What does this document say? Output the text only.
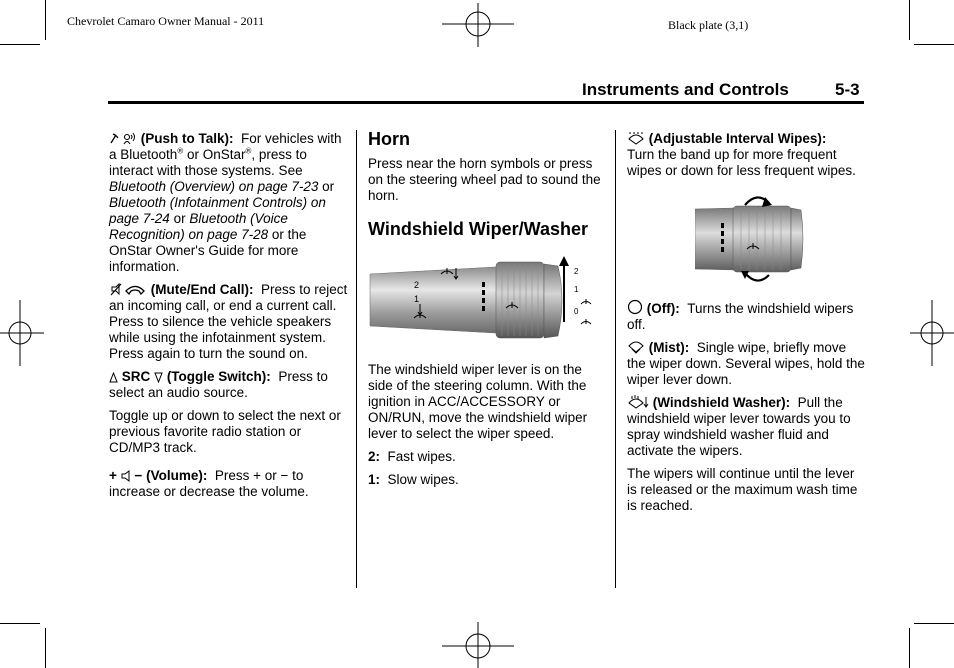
Chevrolet Camaro Owner Manual - 2011	Black plate (3,1)
Instruments and Controls	5-3

(Push to Talk): For vehicles with a Bluetooth® or OnStar®, press to interact with those systems. See Bluetooth (Overview) on page 7-23 or Bluetooth (Infotainment Controls) on page 7-24 or Bluetooth (Voice Recognition) on page 7-28 or the OnStar Owner's Guide for more information.

(Mute/End Call): Press to reject an incoming call, or end a current call. Press to silence the vehicle speakers while using the infotainment system. Press again to turn the sound on.

SRC (Toggle Switch): Press to select an audio source.

Toggle up or down to select the next or previous favorite radio station or CD/MP3 track.

+ − (Volume): Press + or − to increase or decrease the volume.

Horn

Press near the horn symbols or press on the steering wheel pad to sound the horn.

Windshield Wiper/Washer
2
1
2
1
0

The windshield wiper lever is on the side of the steering column. With the ignition in ACC/ACCESSORY or ON/RUN, move the windshield wiper lever to select the wiper speed.

2: Fast wipes.

1: Slow wipes.

(Adjustable Interval Wipes):
Turn the band up for more frequent wipes or down for less frequent wipes.

(Off): Turns the windshield wipers off.

(Mist): Single wipe, briefly move the wiper down. Several wipes, hold the wiper lever down.

(Windshield Washer): Pull the windshield wiper lever towards you to spray windshield washer fluid and activate the wipers.

The wipers will continue until the lever is released or the maximum wash time is reached.
